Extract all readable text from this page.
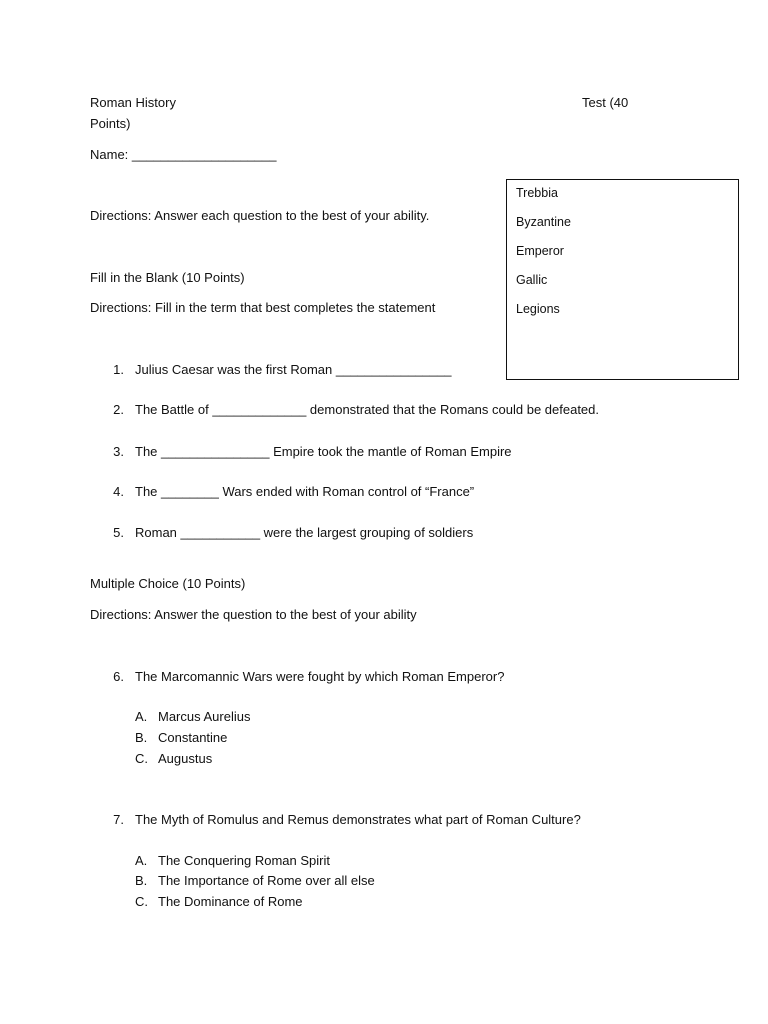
Roman History	Test (40
Points)
Name: ____________________
Directions: Answer each question to the best of your ability.
Trebbia
Byzantine
Emperor
Gallic
Legions
Fill in the Blank (10 Points)
Directions: Fill in the term that best completes the statement
1. Julius Caesar was the first Roman ________________
2. The Battle of _____________ demonstrated that the Romans could be defeated.
3. The _______________ Empire took the mantle of Roman Empire
4. The ________ Wars ended with Roman control of “France”
5. Roman ___________ were the largest grouping of soldiers
Multiple Choice (10 Points)
Directions: Answer the question to the best of your ability
6. The Marcomannic Wars were fought by which Roman Emperor?
A. Marcus Aurelius
B. Constantine
C. Augustus
7. The Myth of Romulus and Remus demonstrates what part of Roman Culture?
A. The Conquering Roman Spirit
B. The Importance of Rome over all else
C. The Dominance of Rome
